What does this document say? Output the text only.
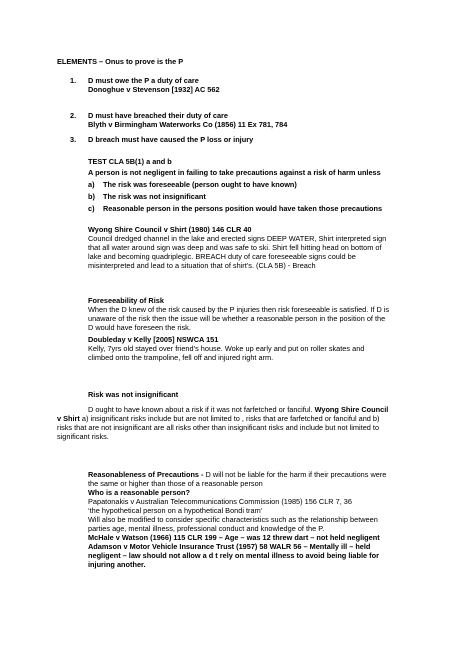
ELEMENTS – Onus to prove is the P
1. D must owe the P a duty of care
Donoghue v Stevenson [1932] AC 562
2. D must have breached their duty of care
Blyth v Birmingham Waterworks Co (1856) 11 Ex 781, 784
3. D breach must have caused the P loss or injury
TEST CLA 5B(1) a and b
A person is not negligent in failing to take precautions against a risk of harm unless
a) The risk was foreseeable (person ought to have known)
b) The risk was not insignificant
c) Reasonable person in the persons position would have taken those precautions
Wyong Shire Council v Shirt (1980) 146 CLR 40
Council dredged channel in the lake and erected signs DEEP WATER, Shirt interpreted sign
that all water around sign was deep and was safe to ski. Shirt fell hitting head on bottom of
lake and becoming quadriplegic. BREACH duty of care foreseeable signs could be
misinterpreted and lead to a situation that of shirt’s. (CLA 5B) - Breach
Foreseeability of Risk
When the D knew of the risk caused by the P injuries then risk foreseeable is satisfied. If D is
unaware of the risk then the issue will be whether a reasonable person in the position of the
D would have foreseen the risk.
Doubleday v Kelly [2005] NSWCA 151
Kelly, 7yrs old stayed over friend’s house. Woke up early and put on roller skates and
climbed onto the trampoline, fell off and injured right arm.
Risk was not insignificant
D ought to have known about a risk if it was not farfetched or fanciful. Wyong Shire Council
v Shirt a) insignificant risks include but are not limited to , risks that are farfetched or fanciful and b)
risks that are not insignificant are all risks other than insignificant risks and include but not limited to
significant risks.
Reasonableness of Precautions - D will not be liable for the harm if their precautions were
the same or higher than those of a reasonable person
Who is a reasonable person?
Papatonakis v Australian Telecommunications Commission (1985) 156 CLR 7, 36
‘the hypothetical person on a hypothetical Bondi tram’
Will also be modified to consider specific characteristics such as the relationship between
parties age, mental illness, professional conduct and knowledge of the P.
McHale v Watson (1966) 115 CLR 199 – Age – was 12 threw dart – not held negligent
Adamson v Motor Vehicle Insurance Trust (1957) 58 WALR 56 – Mentally ill – held
negligent – law should not allow a d t rely on mental illness to avoid being liable for
injuring another.
